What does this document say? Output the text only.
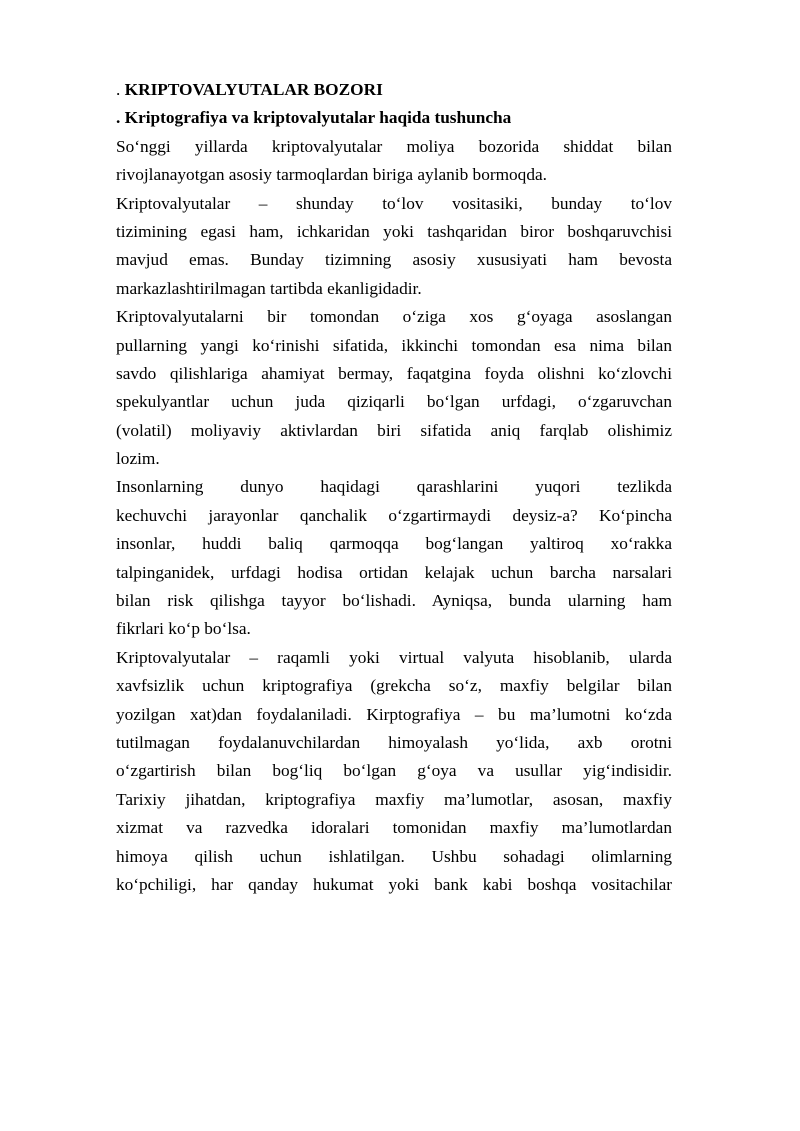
. KRIPTOVALYUTALAR BOZORI
. Kriptografiya va kriptovalyutalar haqida tushuncha
So‘nggi yillarda kriptovalyutalar moliya bozorida shiddat bilan
rivojlanayotgan asosiy tarmoqlardan biriga aylanib bormoqda.
Kriptovalyutalar – shunday to‘lov vositasiki, bunday to‘lov
tizimining egasi ham, ichkaridan yoki tashqaridan biror boshqaruvchisi
mavjud emas. Bunday tizimning asosiy xususiyati ham bevosta
markazlashtirilmagan tartibda ekanligidadir.
Kriptovalyutalarni bir tomondan o‘ziga xos g‘oyaga asoslangan
pullarning yangi ko‘rinishi sifatida, ikkinchi tomondan esa nima bilan
savdo qilishlariga ahamiyat bermay, faqatgina foyda olishni ko‘zlovchi
spekulyantlar uchun juda qiziqarli bo‘lgan urfdagi, o‘zgaruvchan
(volatil) moliyaviy aktivlardan biri sifatida aniq farqlab olishimiz
lozim.
Insonlarning dunyo haqidagi qarashlarini yuqori tezlikda
kechuvchi jarayonlar qanchalik o‘zgartirmaydi deysiz-a? Ko‘pincha
insonlar, huddi baliq qarmoqqa bog‘langan yaltiroq xo‘rakka
talpinganidek, urfdagi hodisa ortidan kelajak uchun barcha narsalari
bilan risk qilishga tayyor bo‘lishadi. Ayniqsa, bunda ularning ham
fikrlari ko‘p bo‘lsa.
Kriptovalyutalar – raqamli yoki virtual valyuta hisoblanib, ularda
xavfsizlik uchun kriptografiya (grekcha so‘z, maxfiy belgilar bilan
yozilgan xat)dan foydalaniladi. Kirptografiya – bu ma’lumotni ko‘zda
tutilmagan foydalanuvchilardan himoyalash yo‘lida, axb orotni
o‘zgartirish bilan bog‘liq bo‘lgan g‘oya va usullar yig‘indisidir.
Tarixiy jihatdan, kriptografiya maxfiy ma’lumotlar, asosan, maxfiy
xizmat va razvedka idoralari tomonidan maxfiy ma’lumotlardan
himoya qilish uchun ishlatilgan. Ushbu sohadagi olimlarning
ko‘pchiligi, har qanday hukumat yoki bank kabi boshqa vositachilar
